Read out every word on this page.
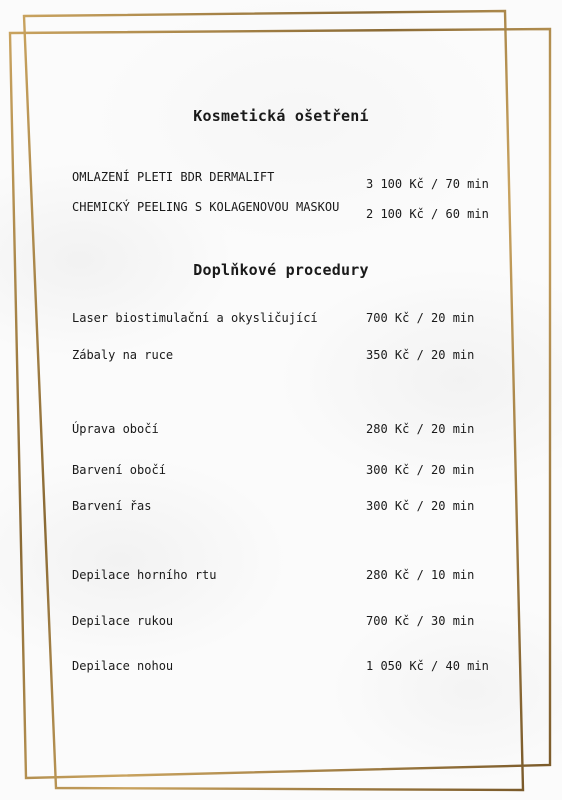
Kosmetická ošetření
OMLAZENÍ PLETI BDR DERMALIFT	3 100 Kč / 70 min
CHEMICKÝ PEELING S KOLAGENOVOU MASKOU 2 100 Kč / 60 min
Doplňkové procedury
Laser biostimulační a okysličující	700 Kč / 20 min
Zábaly na ruce	350 Kč / 20 min
Úprava obočí	280 Kč / 20 min
Barvení obočí	300 Kč / 20 min
Barvení řas	300 Kč / 20 min
Depilace horního rtu	280 Kč / 10 min
Depilace rukou	700 Kč / 30 min
Depilace nohou	1 050 Kč / 40 min
